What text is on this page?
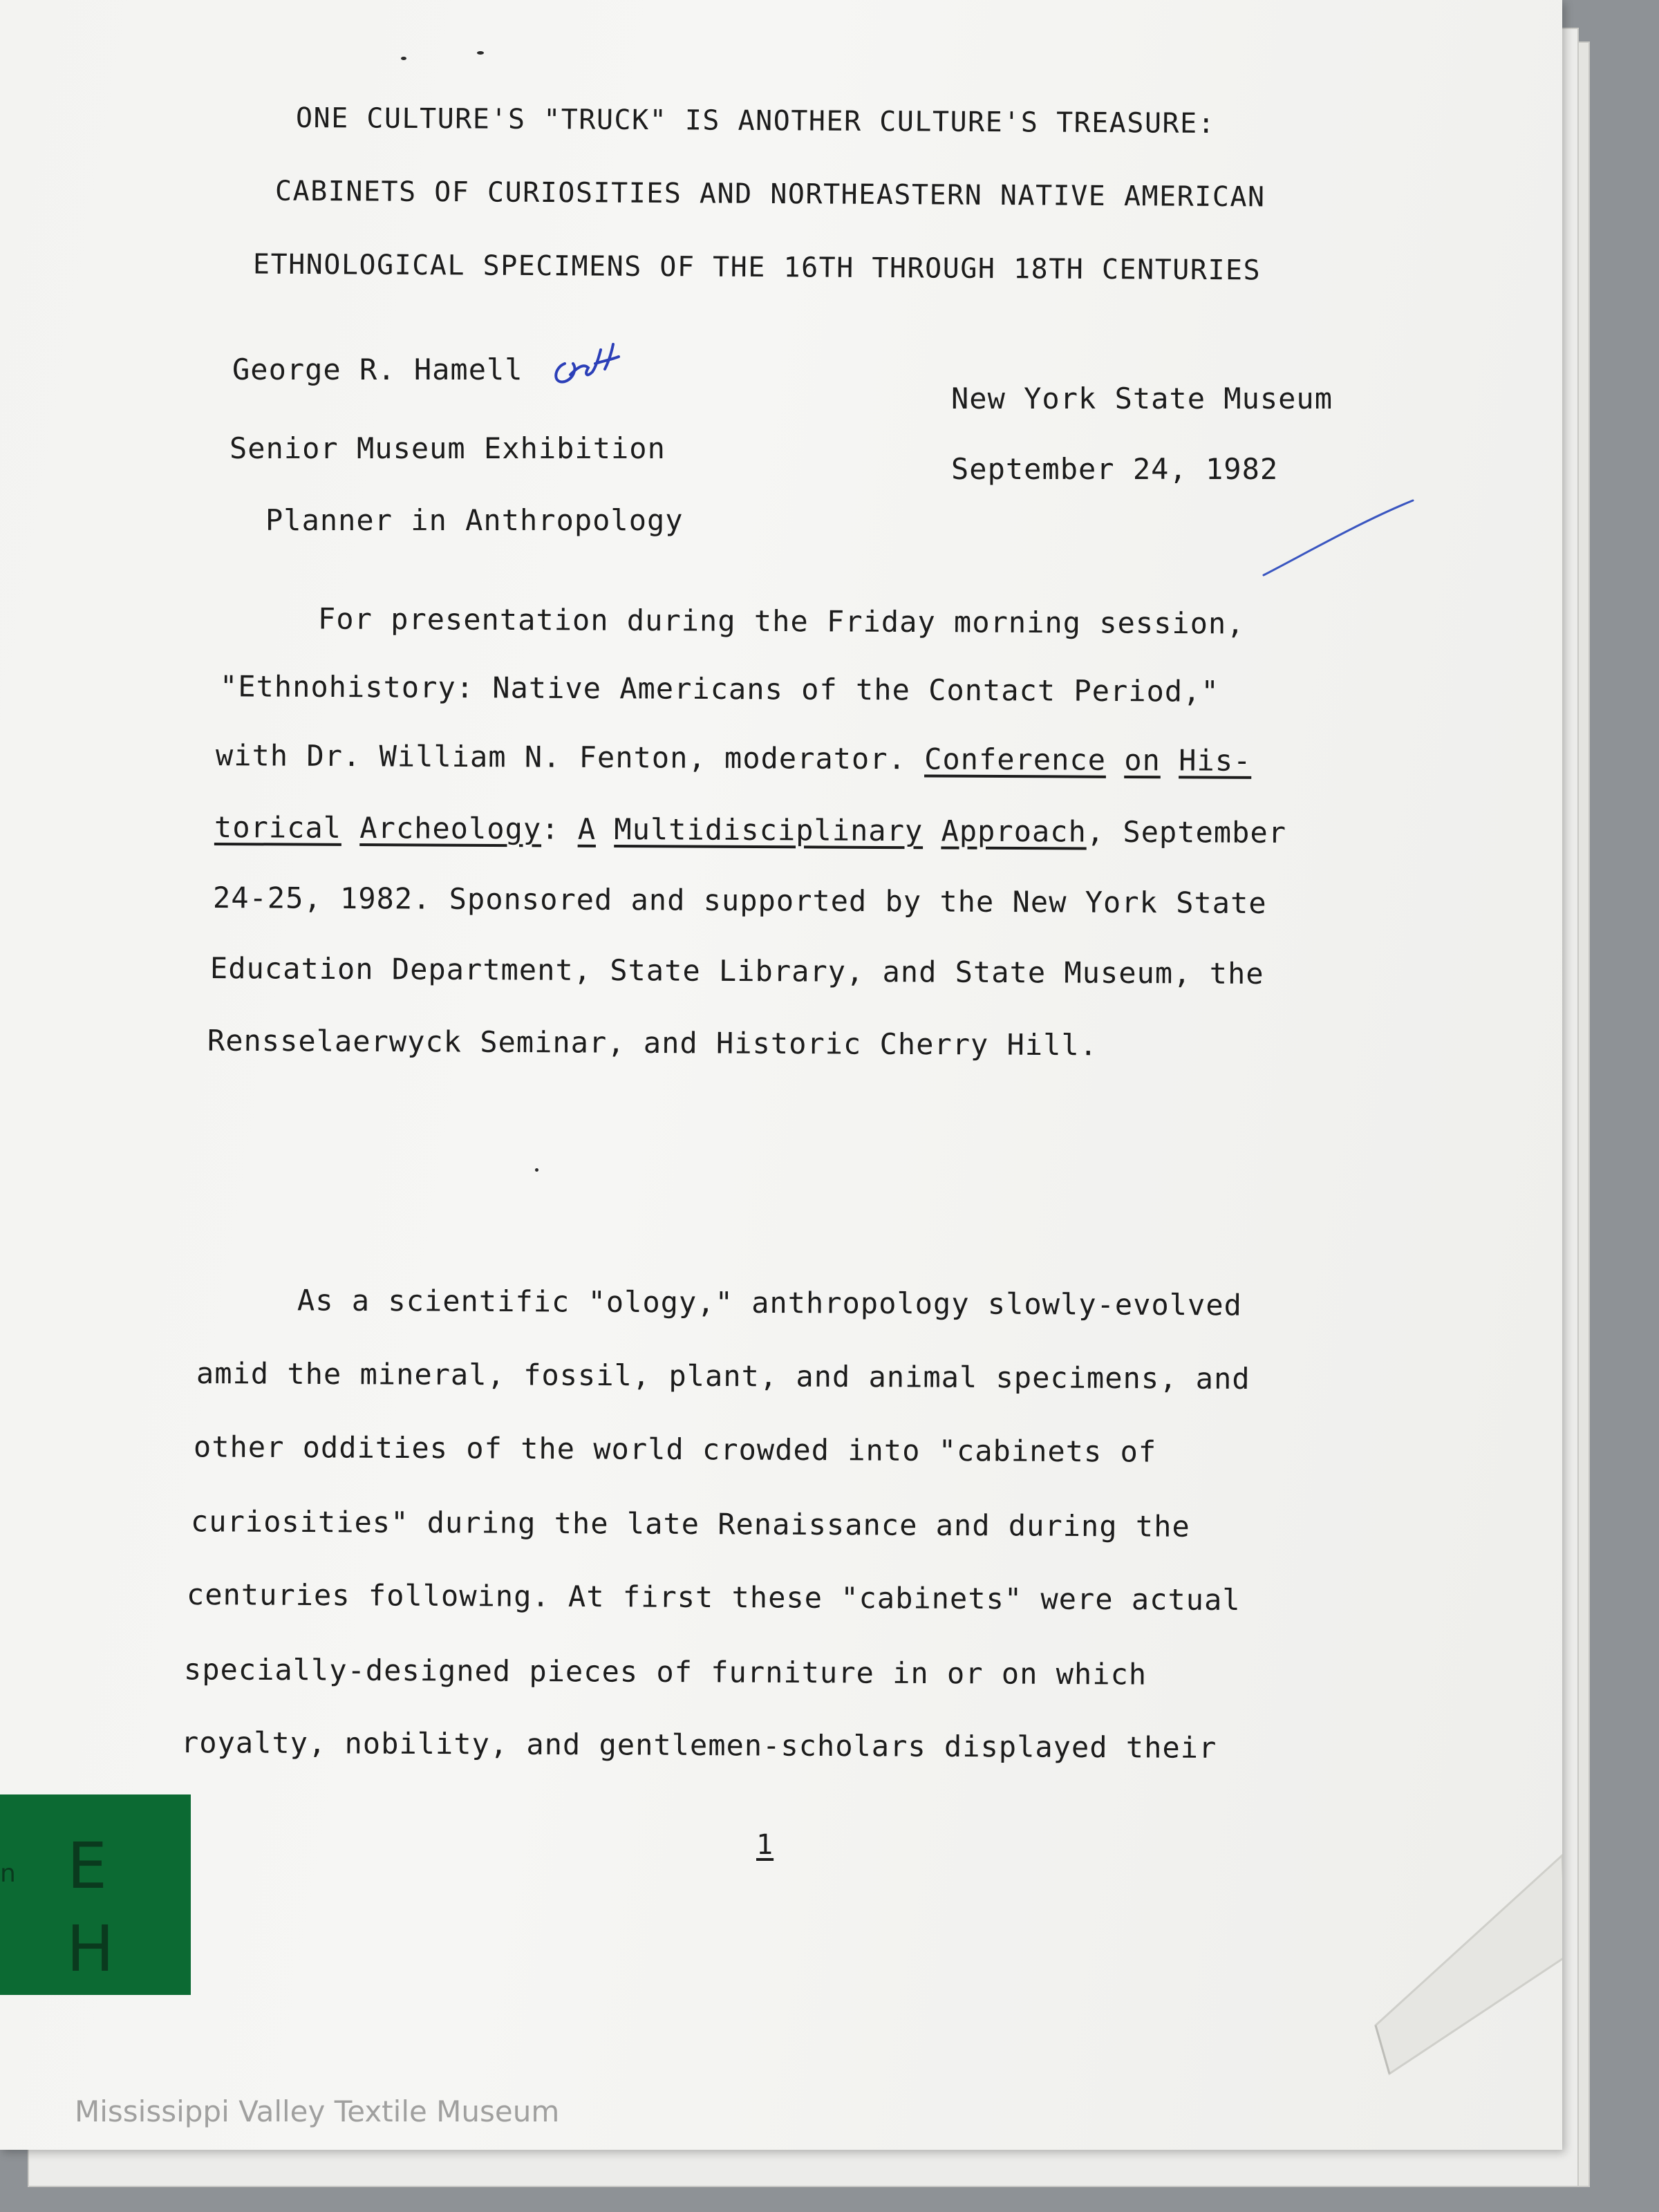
ONE CULTURE'S "TRUCK" IS ANOTHER CULTURE'S TREASURE:

CABINETS OF CURIOSITIES AND NORTHEASTERN NATIVE AMERICAN

ETHNOLOGICAL SPECIMENS OF THE 16TH THROUGH 18TH CENTURIES

George R. Hamell

Senior Museum Exhibition

Planner in Anthropology

New York State Museum

September 24, 1982

For presentation during the Friday morning session,

"Ethnohistory: Native Americans of the Contact Period,"

with Dr. William N. Fenton, moderator. Conference on His-

torical Archeology: A Multidisciplinary Approach, September

24-25, 1982. Sponsored and supported by the New York State

Education Department, State Library, and State Museum, the

Rensselaerwyck Seminar, and Historic Cherry Hill.

As a scientific "ology," anthropology slowly-evolved

amid the mineral, fossil, plant, and animal specimens, and

other oddities of the world crowded into "cabinets of

curiosities" during the late Renaissance and during the

centuries following. At first these "cabinets" were actual

specially-designed pieces of furniture in or on which

royalty, nobility, and gentlemen-scholars displayed their

1
E
H
n
Mississippi Valley Textile Museum
